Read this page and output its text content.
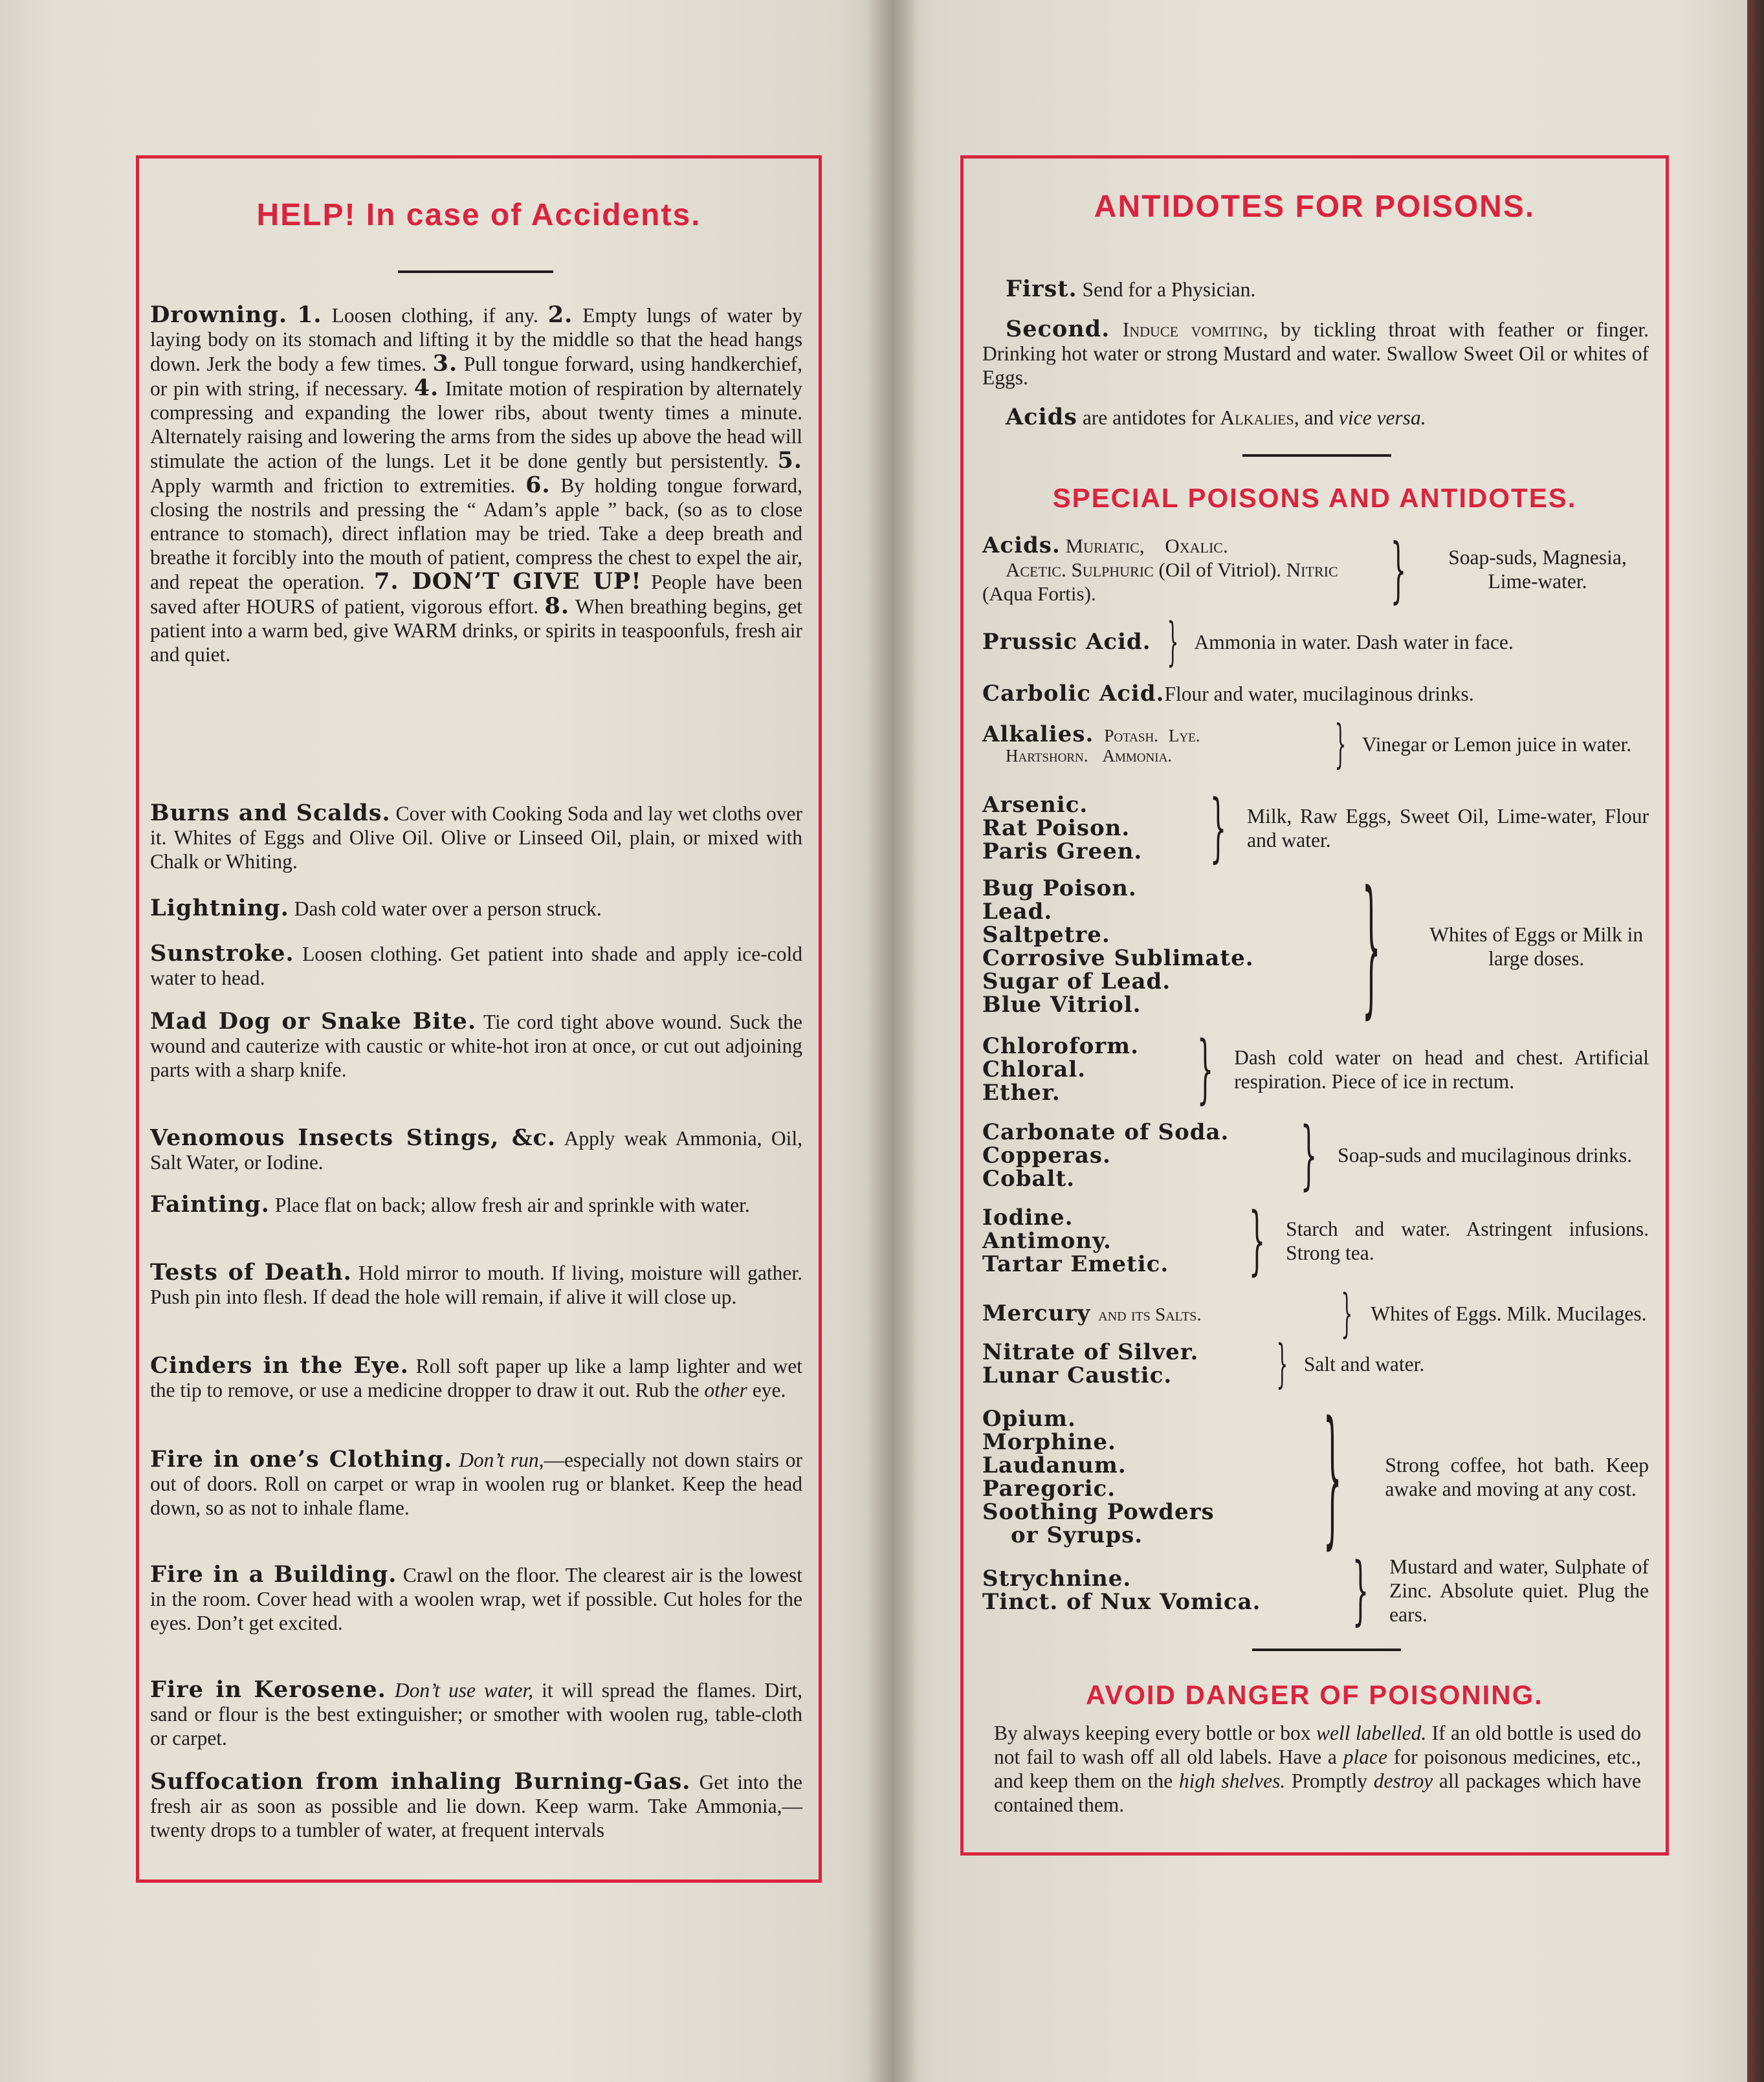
HELP! In case of Accidents.

Drowning. 1. Loosen clothing, if any. 2. Empty lungs of water by laying body on its stomach and lifting it by the middle so that the head hangs down. Jerk the body a few times. 3. Pull tongue forward, using handkerchief, or pin with string, if necessary. 4. Imitate motion of respiration by alternately compressing and expanding the lower ribs, about twenty times a minute. Alternately raising and lowering the arms from the sides up above the head will stimulate the action of the lungs. Let it be done gently but persistently. 5. Apply warmth and friction to extremities. 6. By holding tongue forward, closing the nostrils and pressing the “ Adam’s apple ” back, (so as to close entrance to stomach), direct inflation may be tried. Take a deep breath and breathe it forcibly into the mouth of patient, compress the chest to expel the air, and repeat the operation. 7. DON’T GIVE UP! People have been saved after HOURS of patient, vigorous effort. 8. When breathing begins, get patient into a warm bed, give WARM drinks, or spirits in teaspoonfuls, fresh air and quiet.

Burns and Scalds. Cover with Cooking Soda and lay wet cloths over it. Whites of Eggs and Olive Oil. Olive or Linseed Oil, plain, or mixed with Chalk or Whiting.

Lightning. Dash cold water over a person struck.

Sunstroke. Loosen clothing. Get patient into shade and apply ice-cold water to head.

Mad Dog or Snake Bite. Tie cord tight above wound. Suck the wound and cauterize with caustic or white-hot iron at once, or cut out adjoining parts with a sharp knife.

Venomous Insects Stings, &c. Apply weak Ammonia, Oil, Salt Water, or Iodine.

Fainting. Place flat on back; allow fresh air and sprinkle with water.

Tests of Death. Hold mirror to mouth. If living, moisture will gather. Push pin into flesh. If dead the hole will remain, if alive it will close up.

Cinders in the Eye. Roll soft paper up like a lamp lighter and wet the tip to remove, or use a medicine dropper to draw it out. Rub the other eye.

Fire in one’s Clothing. Don’t run,—especially not down stairs or out of doors. Roll on carpet or wrap in woolen rug or blanket. Keep the head down, so as not to inhale flame.

Fire in a Building. Crawl on the floor. The clearest air is the lowest in the room. Cover head with a woolen wrap, wet if possible. Cut holes for the eyes. Don’t get excited.

Fire in Kerosene. Don’t use water, it will spread the flames. Dirt, sand or flour is the best extinguisher; or smother with woolen rug, table-cloth or carpet.

Suffocation from inhaling Burning-Gas. Get into the fresh air as soon as possible and lie down. Keep warm. Take Ammonia,—twenty drops to a tumbler of water, at frequent intervals

ANTIDOTES FOR POISONS.

First. Send for a Physician.

Second. Induce vomiting, by tickling throat with feather or finger. Drinking hot water or strong Mustard and water. Swallow Sweet Oil or whites of Eggs.

Acids are antidotes for Alkalies, and vice versa.

SPECIAL POISONS AND ANTIDOTES.
Acids. Muriatic, Oxalic.
Acetic. Sulphuric (Oil of Vitriol). Nitric (Aqua Fortis).	}	Soap-suds, Magnesia, Lime-water.
Prussic Acid. } Ammonia in water. Dash water in face.
Carbolic Acid. Flour and water, mucilaginous drinks.
Alkalies. Potash. Lye.
Hartshorn. Ammonia.	} Vinegar or Lemon juice in water.
Arsenic.
Rat Poison.
Paris Green. } Milk, Raw Eggs, Sweet Oil, Lime-water, Flour and water.
Bug Poison.
Lead.
Saltpetre.
Corrosive Sublimate.
Sugar of Lead.
Blue Vitriol.	} Whites of Eggs or Milk in large doses.
Chloroform.
Chloral.
Ether.	} Dash cold water on head and chest. Artificial respiration. Piece of ice in rectum.
Carbonate of Soda.
Copperas.
Cobalt.	} Soap-suds and mucilaginous drinks.
Iodine.
Antimony.
Tartar Emetic.	} Starch and water. Astringent infusions. Strong tea.
Mercury and its Salts.	} Whites of Eggs. Milk. Mucilages.
Nitrate of Silver.
Lunar Caustic.	} Salt and water.
Opium.
Morphine.
Laudanum.
Paregoric.
Soothing Powders
or Syrups.	} Strong coffee, hot bath. Keep awake and moving at any cost.
Strychnine.
Tinct. of Nux Vomica.	} Mustard and water, Sulphate of Zinc. Absolute quiet. Plug the ears.
AVOID DANGER OF POISONING.

By always keeping every bottle or box well labelled. If an old bottle is used do not fail to wash off all old labels. Have a place for poisonous medicines, etc., and keep them on the high shelves. Promptly destroy all packages which have contained them.
